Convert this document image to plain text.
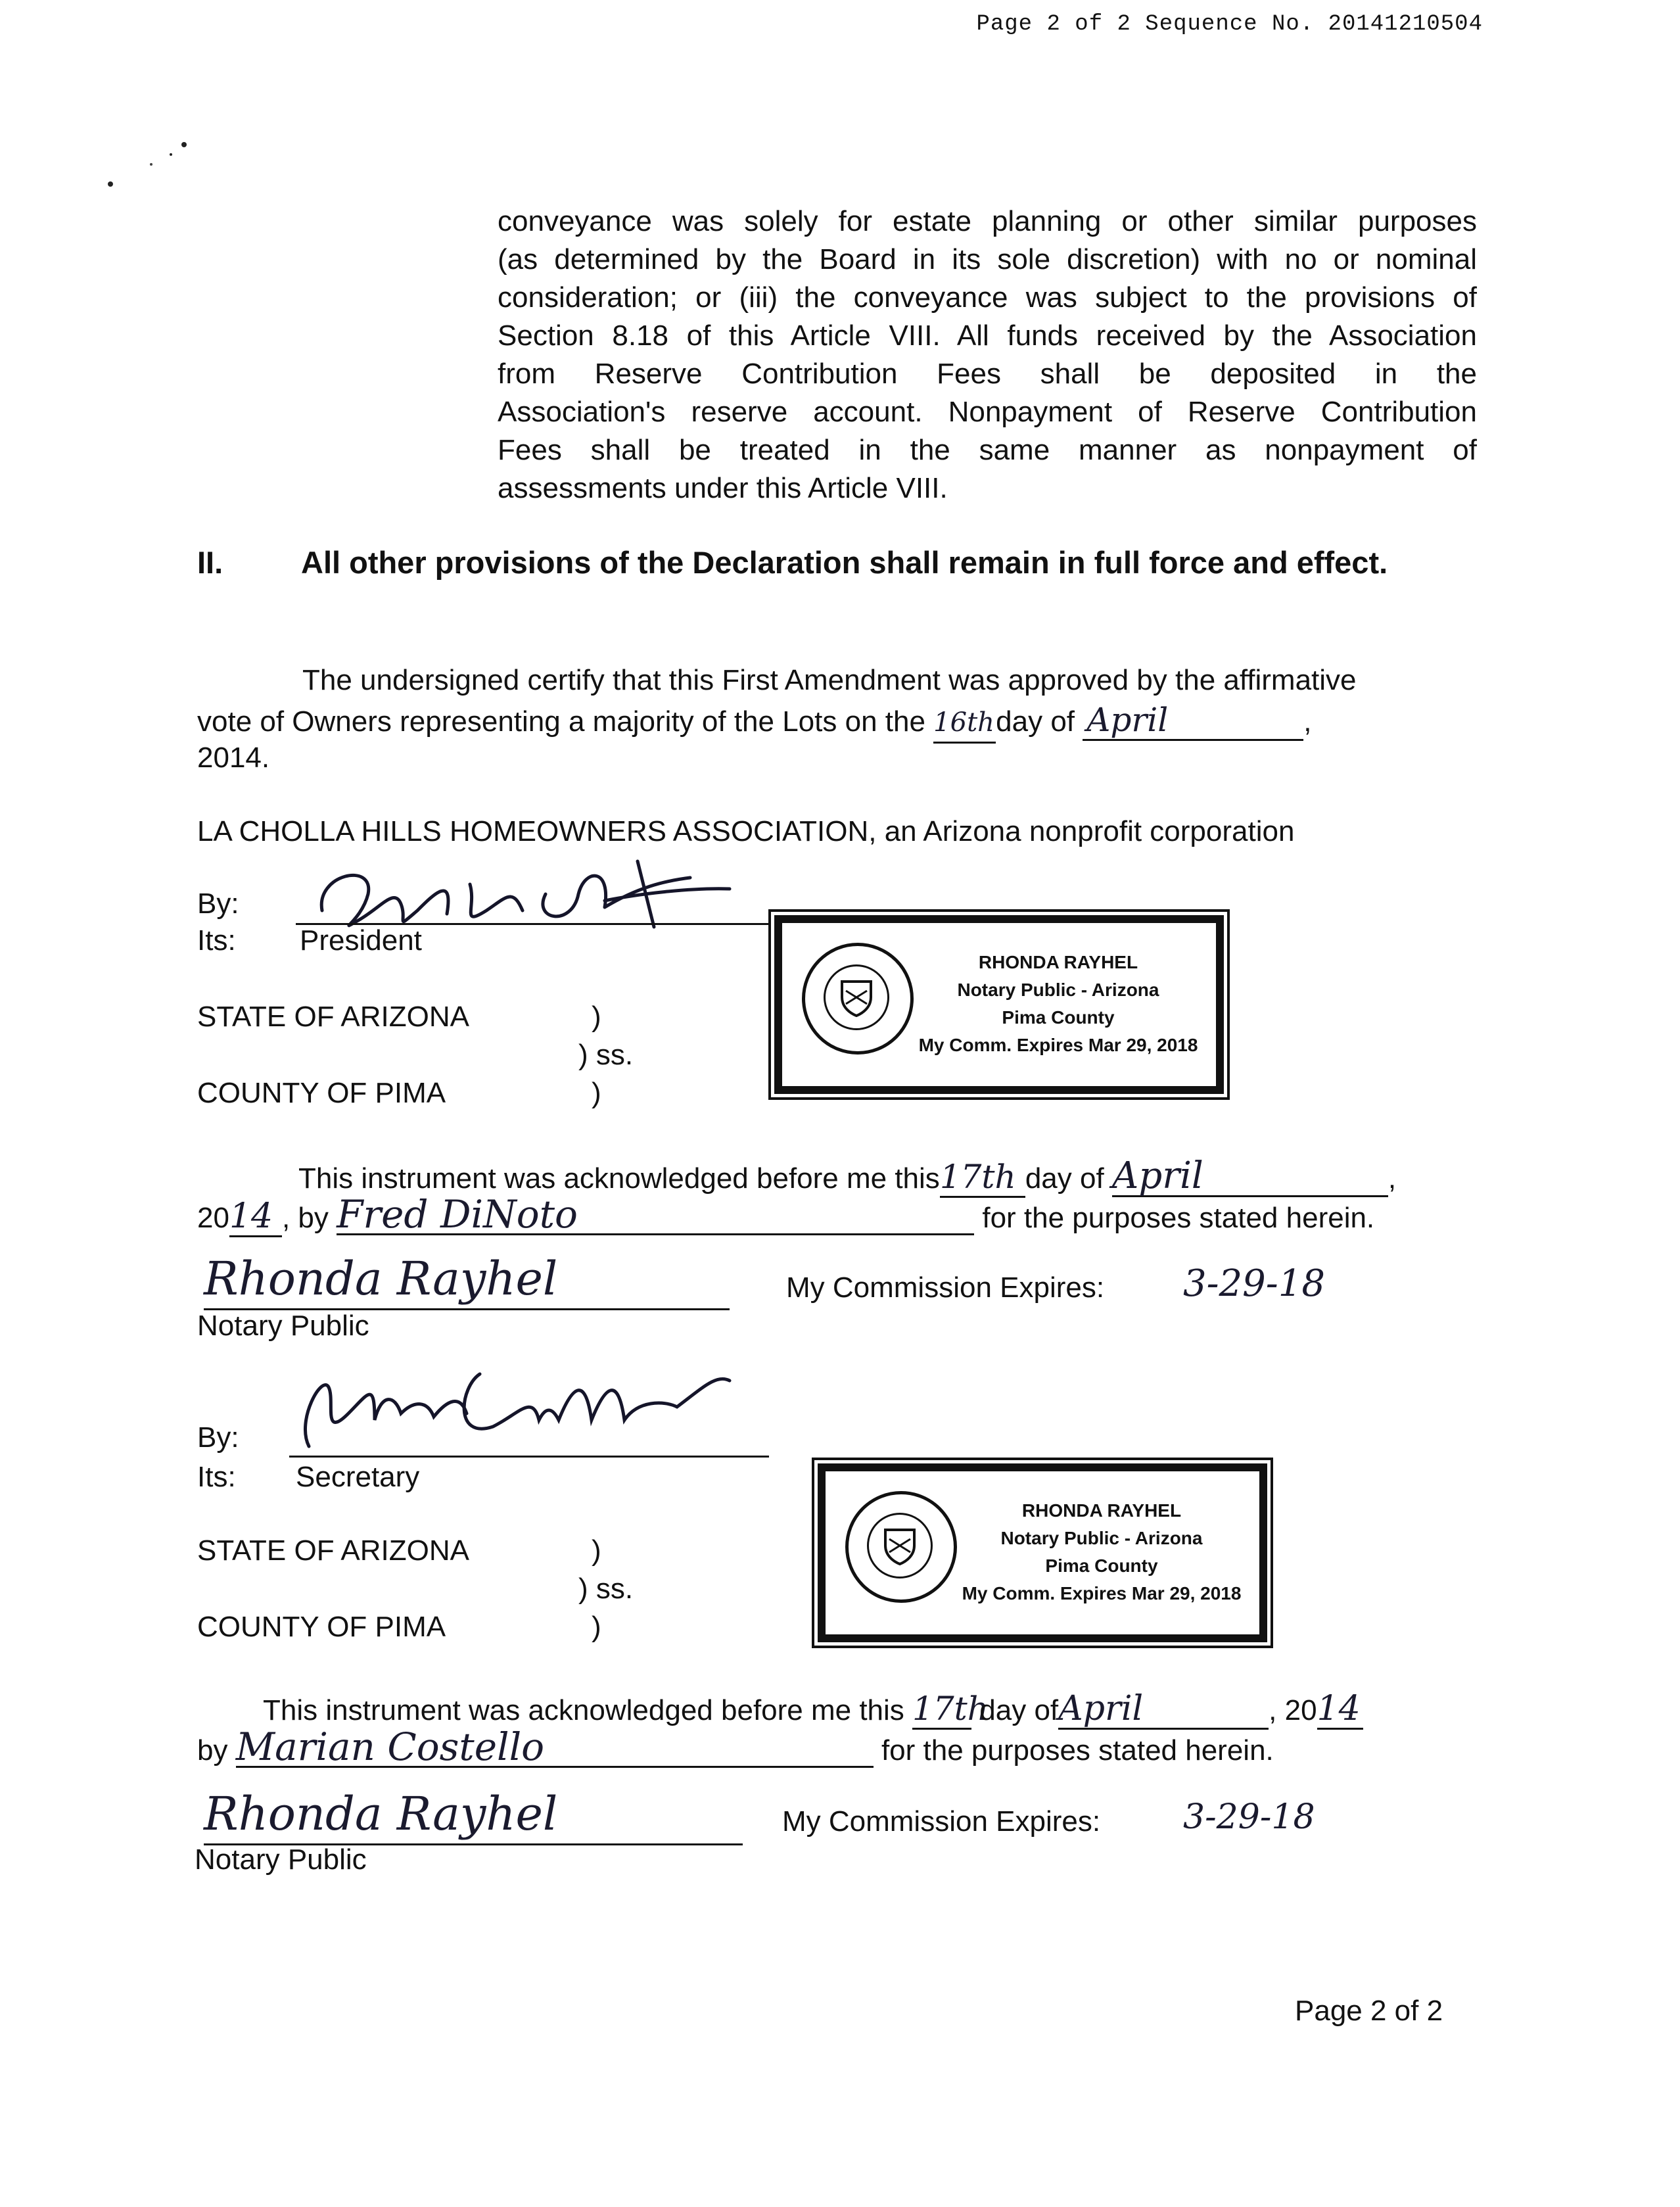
Page 2 of 2 Sequence No. 20141210504
conveyance was solely for estate planning or other similar purposes
(as determined by the Board in its sole discretion) with no or nominal
consideration; or (iii) the conveyance was subject to the provisions of
Section 8.18 of this Article VIII. All funds received by the Association
from Reserve Contribution Fees shall be deposited in the
Association's reserve account. Nonpayment of Reserve Contribution
Fees shall be treated in the same manner as nonpayment of
assessments under this Article VIII.
II.	All other provisions of the Declaration shall remain in full force and effect.
The undersigned certify that this First Amendment was approved by the affirmative
vote of Owners representing a majority of the Lots on the 16thday of April	,
2014.
LA CHOLLA HILLS HOMEOWNERS ASSOCIATION, an Arizona nonprofit corporation
By:
Its: President
STATE OF ARIZONA	)
) ss.
COUNTY OF PIMA	)
RHONDA RAYHEL
Notary Public - Arizona
Pima County
My Comm. Expires Mar 29, 2018
This instrument was acknowledged before me this17th day of April	,
2014 , by Fred DiNoto	for the purposes stated herein.
Rhonda Rayhel
Notary Public
My Commission Expires: 3-29-18
By:
Its: Secretary
STATE OF ARIZONA	)
) ss.
COUNTY OF PIMA	)
RHONDA RAYHEL
Notary Public - Arizona
Pima County
My Comm. Expires Mar 29, 2018
This instrument was acknowledged before me this 17th day ofApril	, 2014
by Marian Costello	for the purposes stated herein.
Rhonda Rayhel
Notary Public
My Commission Expires: 3-29-18
Page 2 of 2
